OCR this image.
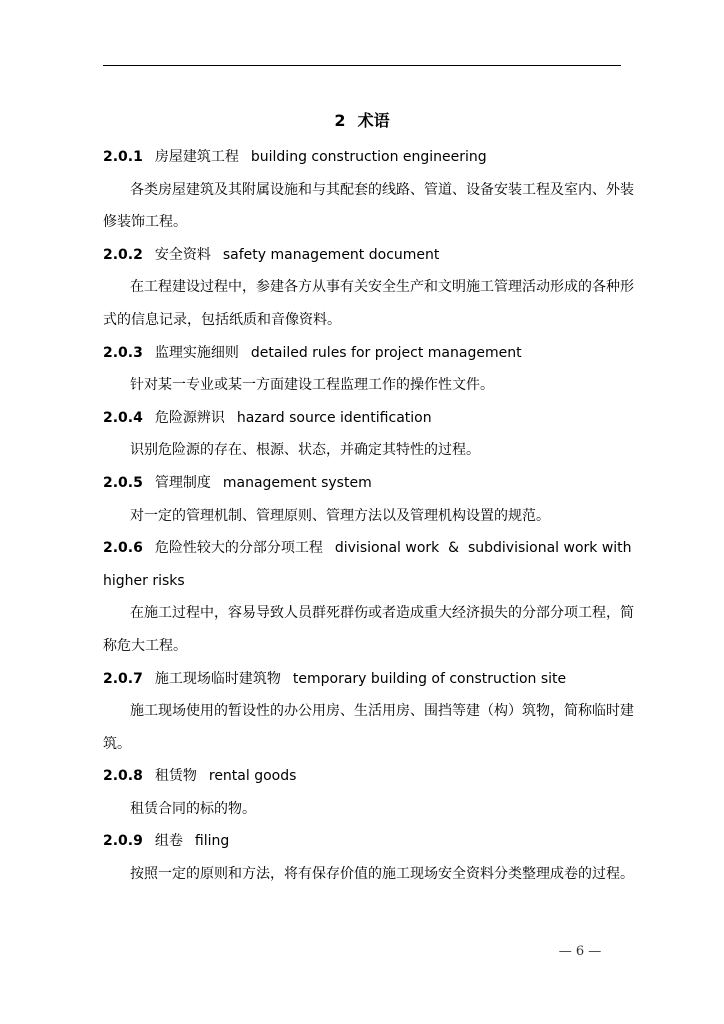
2 术语
2.0.1 房屋建筑工程 building construction engineering
各类房屋建筑及其附属设施和与其配套的线路、管道、设备安装工程及室内、外装
修装饰工程。
2.0.2 安全资料 safety management document
在工程建设过程中，参建各方从事有关安全生产和文明施工管理活动形成的各种形
式的信息记录，包括纸质和音像资料。
2.0.3 监理实施细则 detailed rules for project management
针对某一专业或某一方面建设工程监理工作的操作性文件。
2.0.4 危险源辨识 hazard source identification
识别危险源的存在、根源、状态，并确定其特性的过程。
2.0.5 管理制度 management system
对一定的管理机制、管理原则、管理方法以及管理机构设置的规范。
2.0.6 危险性较大的分部分项工程 divisional work  &  subdivisional work with
higher risks
在施工过程中，容易导致人员群死群伤或者造成重大经济损失的分部分项工程，简
称危大工程。
2.0.7 施工现场临时建筑物 temporary building of construction site
施工现场使用的暂设性的办公用房、生活用房、围挡等建（构）筑物，简称临时建
筑。
2.0.8 租赁物 rental goods
租赁合同的标的物。
2.0.9 组卷 filing
按照一定的原则和方法，将有保存价值的施工现场安全资料分类整理成卷的过程。
— 6 —
